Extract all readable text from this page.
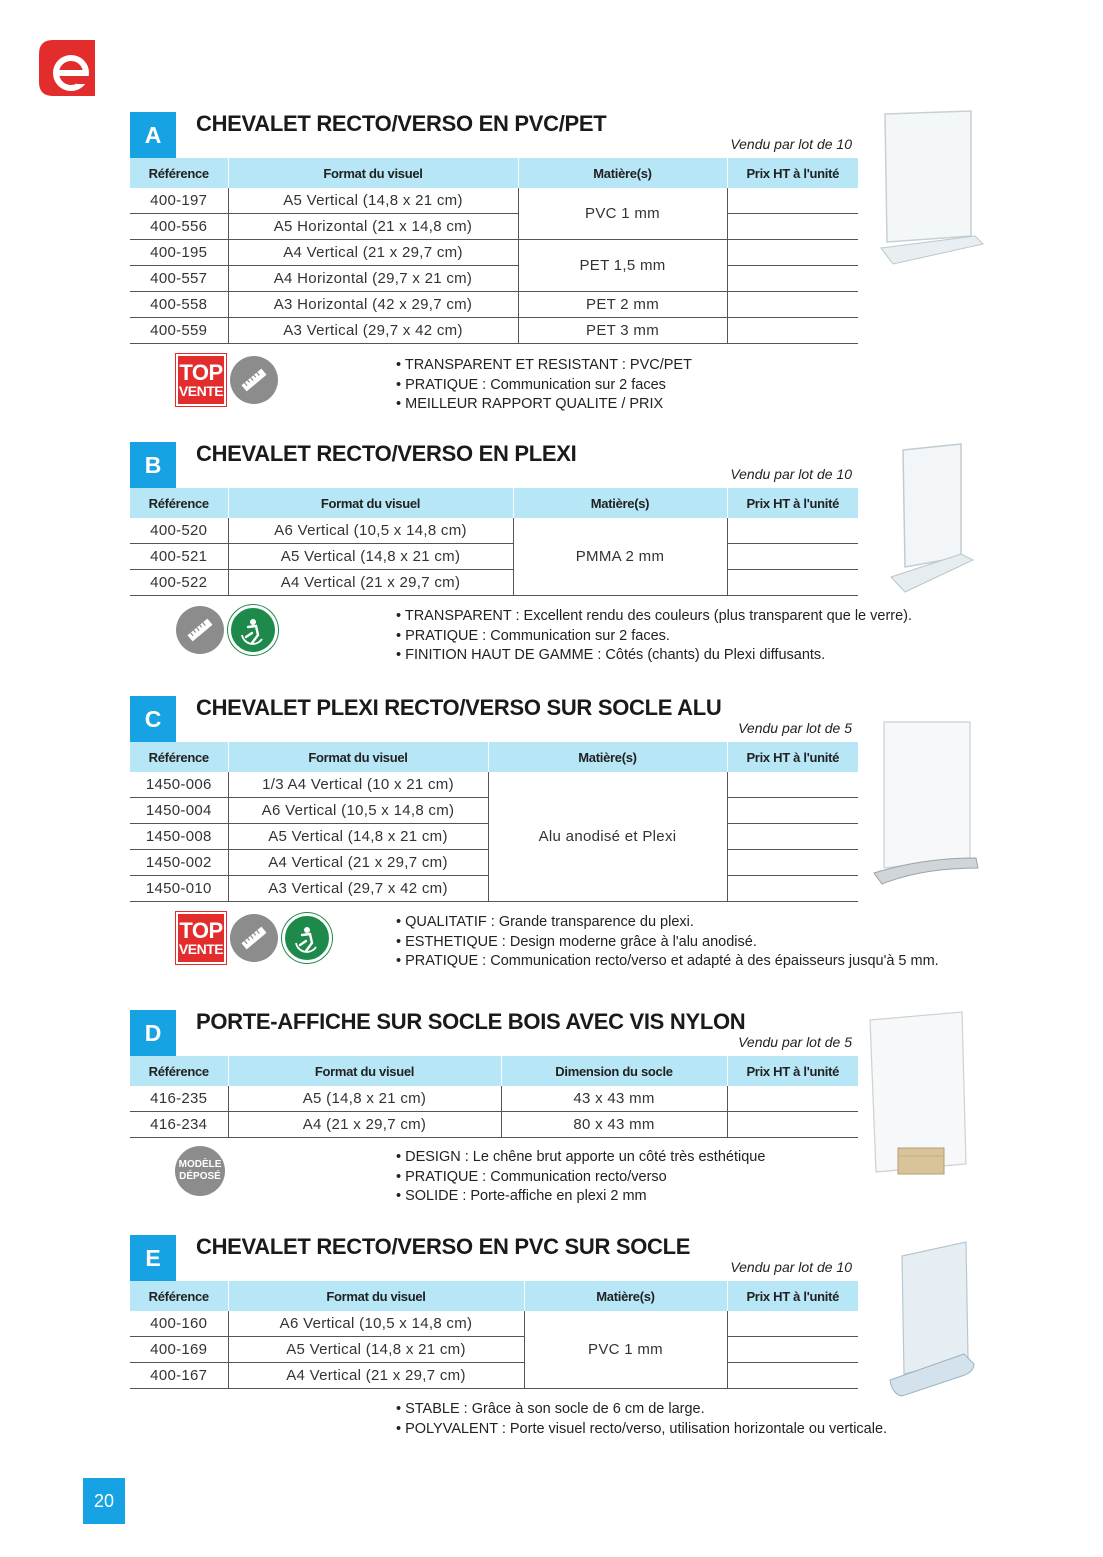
A	CHEVALET RECTO/VERSO EN PVC/PET
Vendu par lot de 10
Référence	Format du visuel	Matière(s)	Prix HT à l'unité
400-197	A5 Vertical (14,8 x 21 cm)	PVC 1 mm	
400-556	A5 Horizontal (21 x 14,8 cm)		
400-195	A4 Vertical (21 x 29,7 cm)	PET 1,5 mm	
400-557	A4 Horizontal (29,7 x 21 cm)		
400-558	A3 Horizontal (42 x 29,7 cm)	PET 2 mm	
400-559	A3 Vertical (29,7 x 42 cm)	PET 3 mm	
TOP
VENTE
• TRANSPARENT ET RESISTANT : PVC/PET
• PRATIQUE : Communication sur 2 faces
• MEILLEUR RAPPORT QUALITE / PRIX
B	CHEVALET RECTO/VERSO EN PLEXI
Vendu par lot de 10
Référence	Format du visuel	Matière(s)	Prix HT à l'unité
400-520	A6 Vertical (10,5 x 14,8 cm)	PMMA 2 mm	
400-521	A5 Vertical (14,8 x 21 cm)		
400-522	A4 Vertical (21 x 29,7 cm)		
• TRANSPARENT : Excellent rendu des couleurs (plus transparent que le verre).
• PRATIQUE : Communication sur 2 faces.
• FINITION HAUT DE GAMME : Côtés (chants) du Plexi diffusants.
C	CHEVALET PLEXI RECTO/VERSO SUR SOCLE ALU
Vendu par lot de 5
Référence	Format du visuel	Matière(s)	Prix HT à l'unité
1450-006	1/3 A4 Vertical (10 x 21 cm)	Alu anodisé et Plexi	
1450-004	A6 Vertical (10,5 x 14,8 cm)		
1450-008	A5 Vertical (14,8 x 21 cm)		
1450-002	A4 Vertical (21 x 29,7 cm)		
1450-010	A3 Vertical (29,7 x 42 cm)		
TOP
VENTE
• QUALITATIF : Grande transparence du plexi.
• ESTHETIQUE : Design moderne grâce à l'alu anodisé.
• PRATIQUE : Communication recto/verso et adapté à des épaisseurs jusqu'à 5 mm.
D	PORTE-AFFICHE SUR SOCLE BOIS AVEC VIS NYLON
Vendu par lot de 5
Référence	Format du visuel	Dimension du socle	Prix HT à l'unité
416-235	A5 (14,8 x 21 cm)	43 x 43 mm	
416-234	A4 (21 x 29,7 cm)	80 x 43 mm	
MODÈLE
DÉPOSÉ
• DESIGN : Le chêne brut apporte un côté très esthétique
• PRATIQUE : Communication recto/verso
• SOLIDE : Porte-affiche en plexi 2 mm
E	CHEVALET RECTO/VERSO EN PVC SUR SOCLE
Vendu par lot de 10
Référence	Format du visuel	Matière(s)	Prix HT à l'unité
400-160	A6 Vertical (10,5 x 14,8 cm)	PVC 1 mm	
400-169	A5 Vertical (14,8 x 21 cm)		
400-167	A4 Vertical (21 x 29,7 cm)		
• STABLE : Grâce à son socle de 6 cm de large.
• POLYVALENT : Porte visuel recto/verso, utilisation horizontale ou verticale.
20
